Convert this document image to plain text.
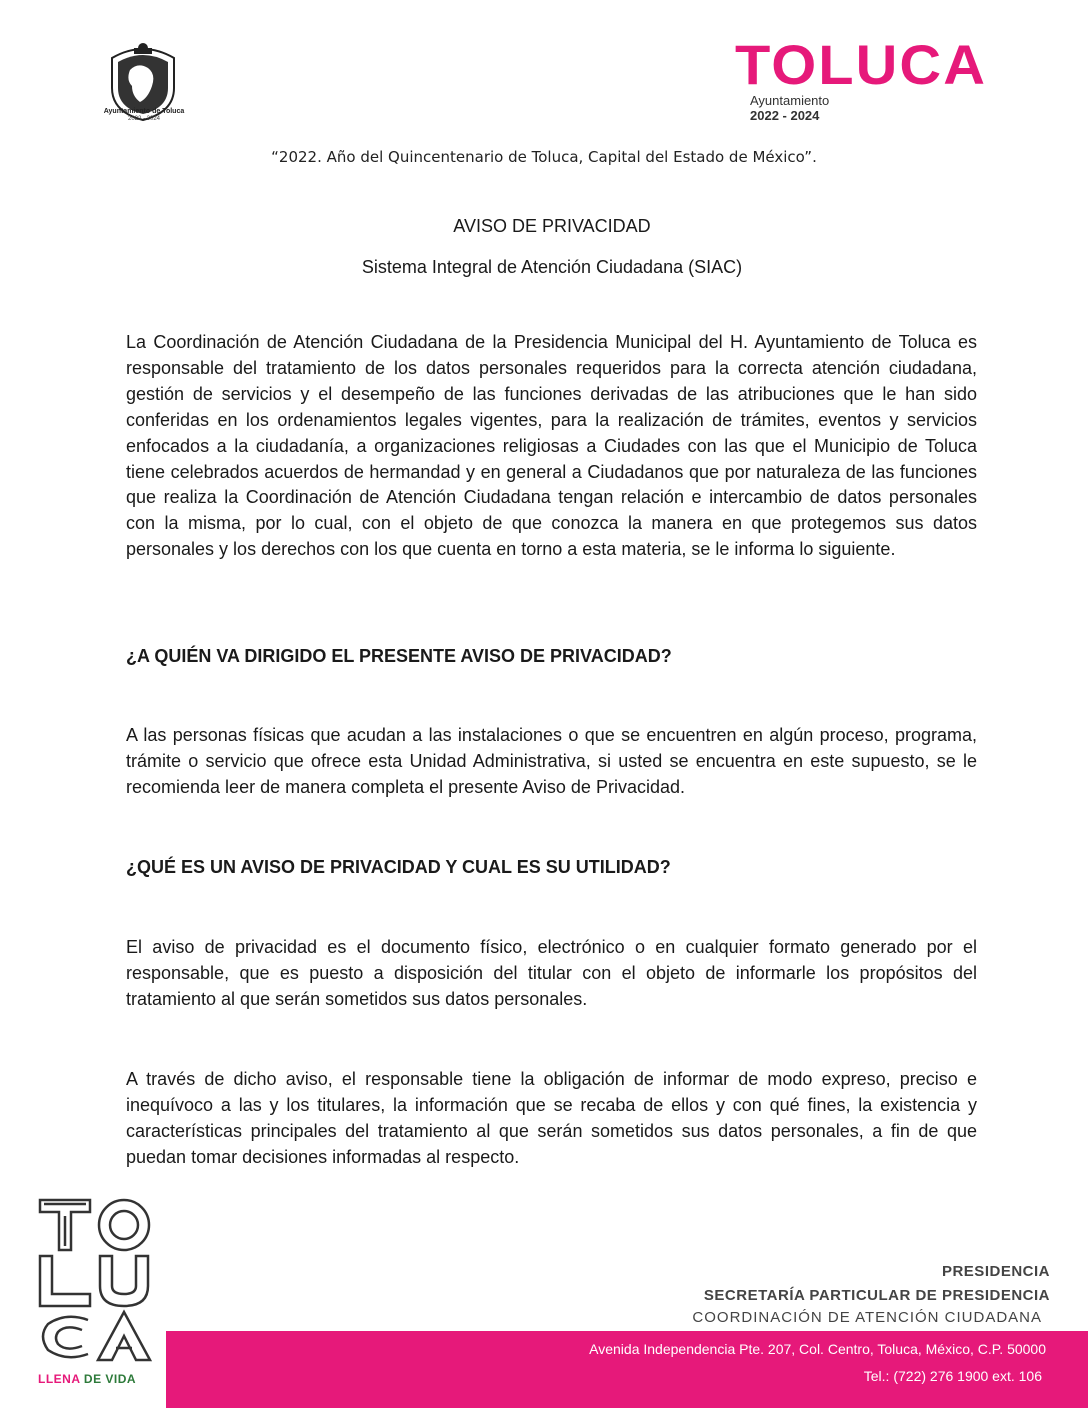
Ayuntamiento de Toluca
2022 - 2024
TOLUCA
Ayuntamiento
2022 - 2024
“2022. Año del Quincentenario de Toluca, Capital del Estado de México”.
AVISO DE PRIVACIDAD
Sistema Integral de Atención Ciudadana (SIAC)

La Coordinación de Atención Ciudadana de la Presidencia Municipal del H. Ayuntamiento de Toluca es responsable del tratamiento de los datos personales requeridos para la correcta atención ciudadana, gestión de servicios y el desempeño de las funciones derivadas de las atribuciones que le han sido conferidas en los ordenamientos legales vigentes, para la realización de trámites, eventos y servicios enfocados a la ciudadanía, a organizaciones religiosas a Ciudades con las que el Municipio de Toluca tiene celebrados acuerdos de hermandad y en general a Ciudadanos que por naturaleza de las funciones que realiza la Coordinación de Atención Ciudadana tengan relación e intercambio de datos personales con la misma, por lo cual, con el objeto de que conozca la manera en que protegemos sus datos personales y los derechos con los que cuenta en torno a esta materia, se le informa lo siguiente.

¿A QUIÉN VA DIRIGIDO EL PRESENTE AVISO DE PRIVACIDAD?

A las personas físicas que acudan a las instalaciones o que se encuentren en algún proceso, programa, trámite o servicio que ofrece esta Unidad Administrativa, si usted se encuentra en este supuesto, se le recomienda leer de manera completa el presente Aviso de Privacidad.

¿QUÉ ES UN AVISO DE PRIVACIDAD Y CUAL ES SU UTILIDAD?

El aviso de privacidad es el documento físico, electrónico o en cualquier formato generado por el responsable, que es puesto a disposición del titular con el objeto de informarle los propósitos del tratamiento al que serán sometidos sus datos personales.

A través de dicho aviso, el responsable tiene la obligación de informar de modo expreso, preciso e inequívoco a las y los titulares, la información que se recaba de ellos y con qué fines, la existencia y características principales del tratamiento al que serán sometidos sus datos personales, a fin de que puedan tomar decisiones informadas al respecto.

LLENA DE VIDA
PRESIDENCIA
SECRETARÍA PARTICULAR DE PRESIDENCIA
COORDINACIÓN DE ATENCIÓN CIUDADANA
Avenida Independencia Pte. 207, Col. Centro, Toluca, México, C.P. 50000
Tel.: (722) 276 1900 ext. 106
